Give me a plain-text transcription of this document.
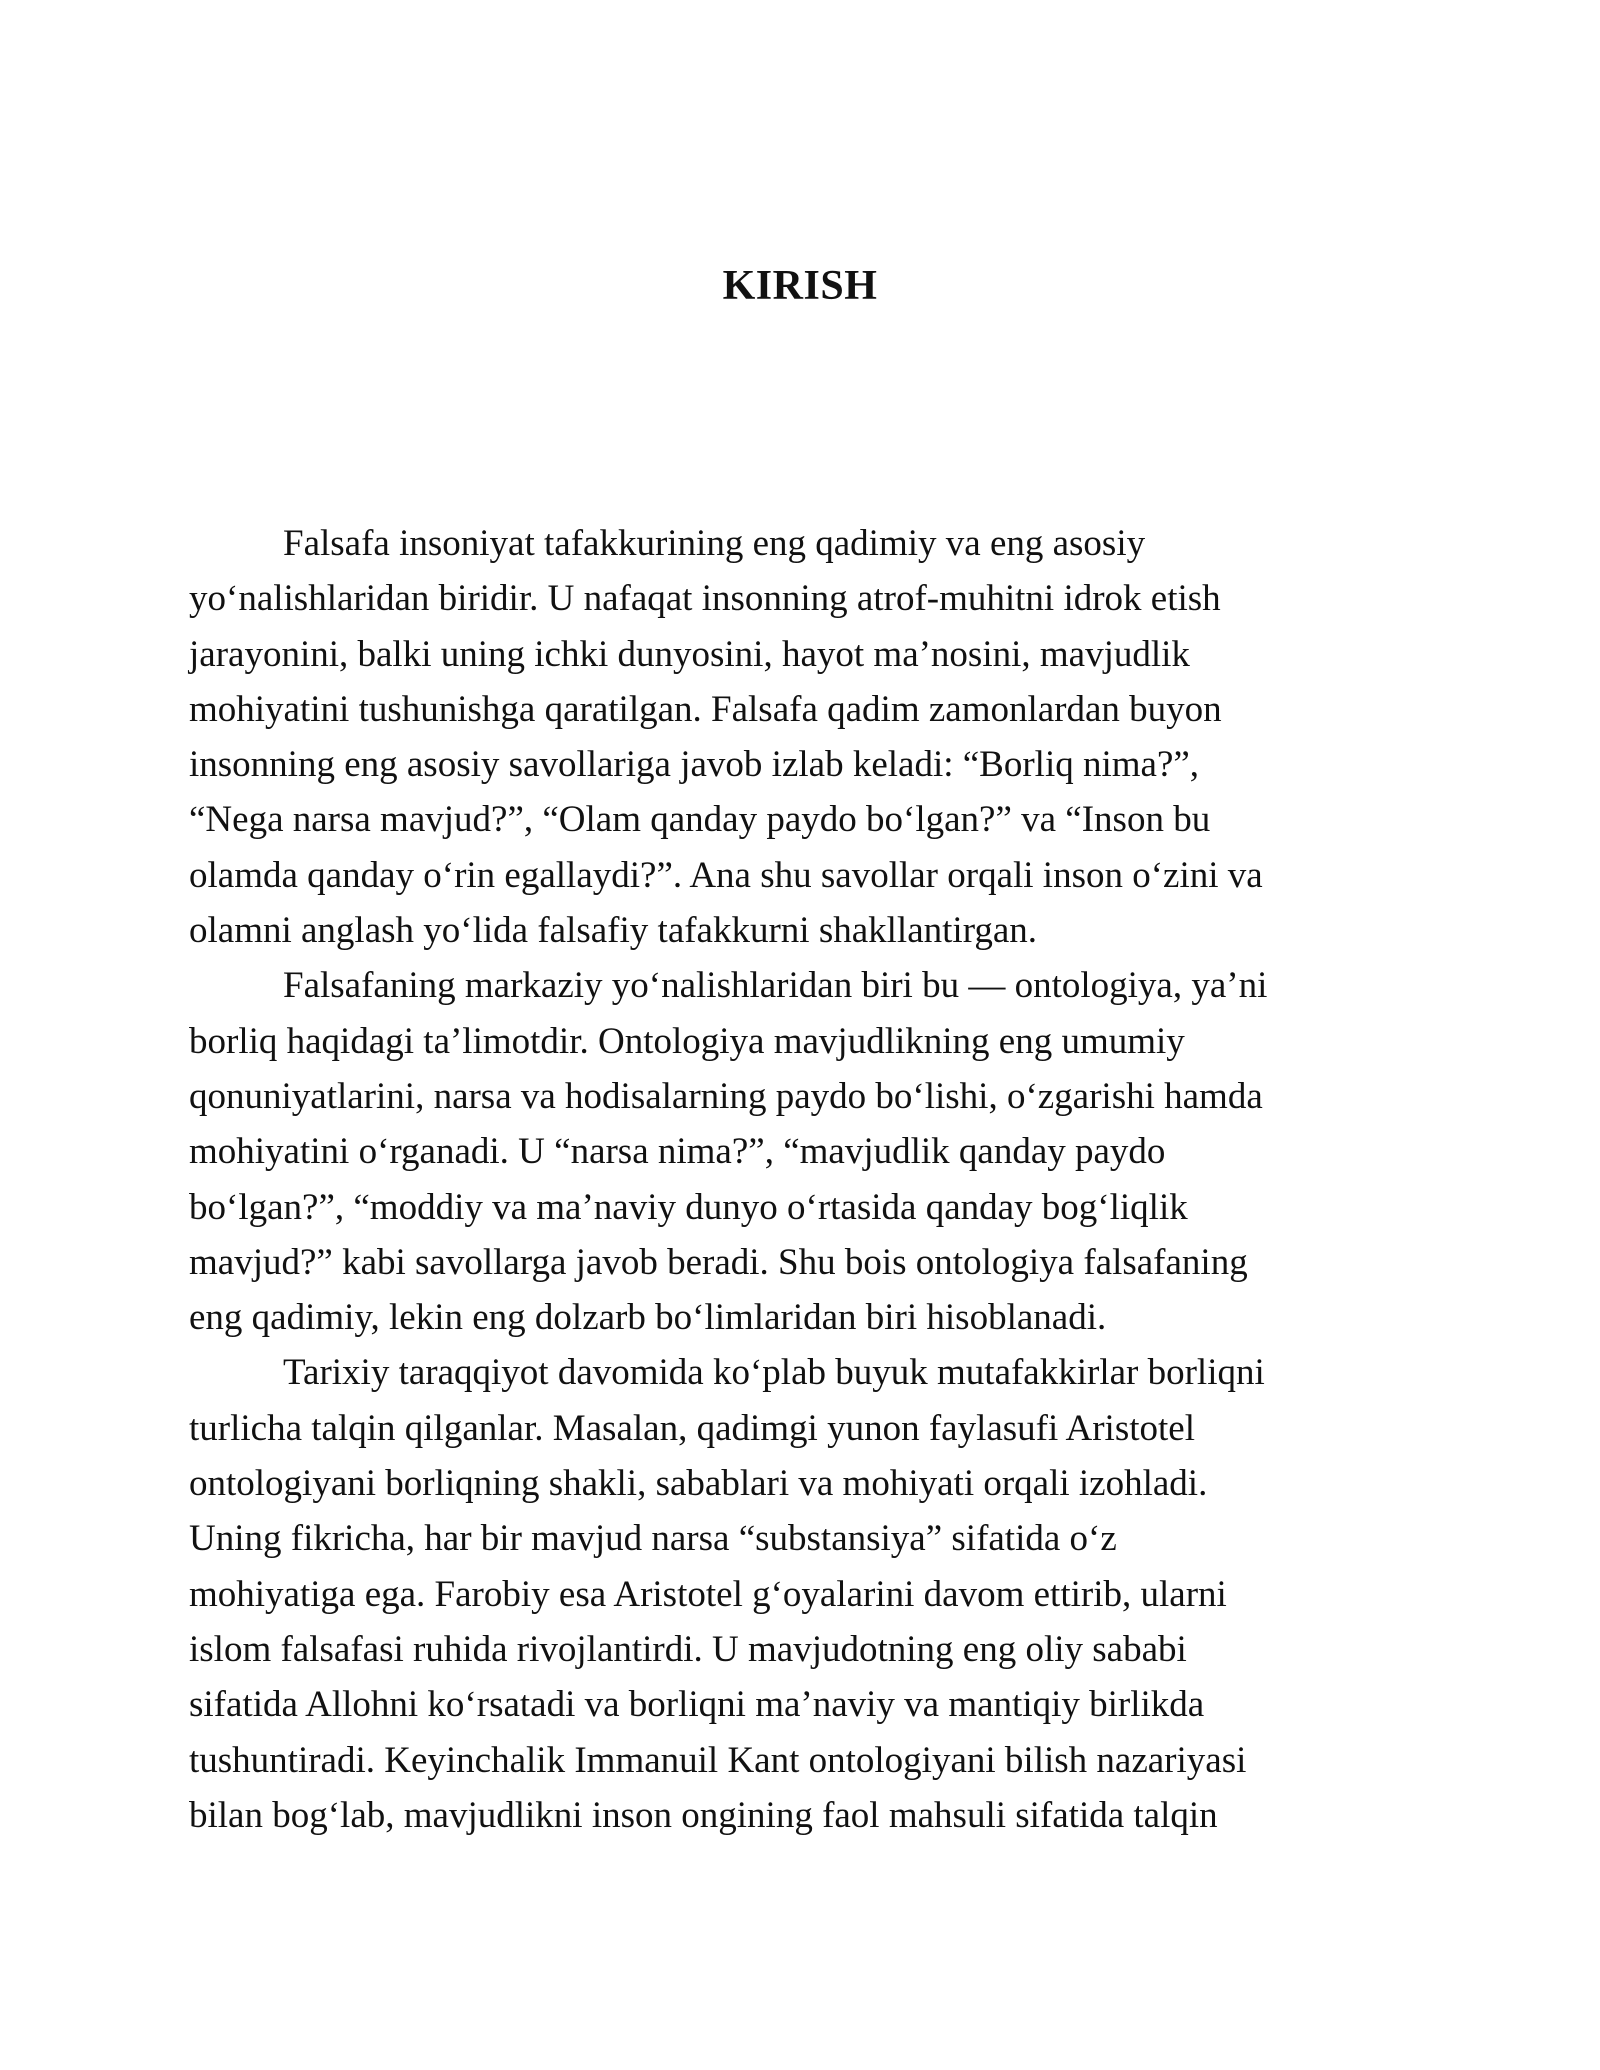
KIRISH

Falsafa insoniyat tafakkurining eng qadimiy va eng asosiy
yo‘nalishlaridan biridir. U nafaqat insonning atrof-muhitni idrok etish
jarayonini, balki uning ichki dunyosini, hayot ma’nosini, mavjudlik
mohiyatini tushunishga qaratilgan. Falsafa qadim zamonlardan buyon
insonning eng asosiy savollariga javob izlab keladi: “Borliq nima?”,
“Nega narsa mavjud?”, “Olam qanday paydo bo‘lgan?” va “Inson bu
olamda qanday o‘rin egallaydi?”. Ana shu savollar orqali inson o‘zini va
olamni anglash yo‘lida falsafiy tafakkurni shakllantirgan.

Falsafaning markaziy yo‘nalishlaridan biri bu — ontologiya, ya’ni
borliq haqidagi ta’limotdir. Ontologiya mavjudlikning eng umumiy
qonuniyatlarini, narsa va hodisalarning paydo bo‘lishi, o‘zgarishi hamda
mohiyatini o‘rganadi. U “narsa nima?”, “mavjudlik qanday paydo
bo‘lgan?”, “moddiy va ma’naviy dunyo o‘rtasida qanday bog‘liqlik
mavjud?” kabi savollarga javob beradi. Shu bois ontologiya falsafaning
eng qadimiy, lekin eng dolzarb bo‘limlaridan biri hisoblanadi.

Tarixiy taraqqiyot davomida ko‘plab buyuk mutafakkirlar borliqni
turlicha talqin qilganlar. Masalan, qadimgi yunon faylasufi Aristotel
ontologiyani borliqning shakli, sabablari va mohiyati orqali izohladi.
Uning fikricha, har bir mavjud narsa “substansiya” sifatida o‘z
mohiyatiga ega. Farobiy esa Aristotel g‘oyalarini davom ettirib, ularni
islom falsafasi ruhida rivojlantirdi. U mavjudotning eng oliy sababi
sifatida Allohni ko‘rsatadi va borliqni ma’naviy va mantiqiy birlikda
tushuntiradi. Keyinchalik Immanuil Kant ontologiyani bilish nazariyasi
bilan bog‘lab, mavjudlikni inson ongining faol mahsuli sifatida talqin
